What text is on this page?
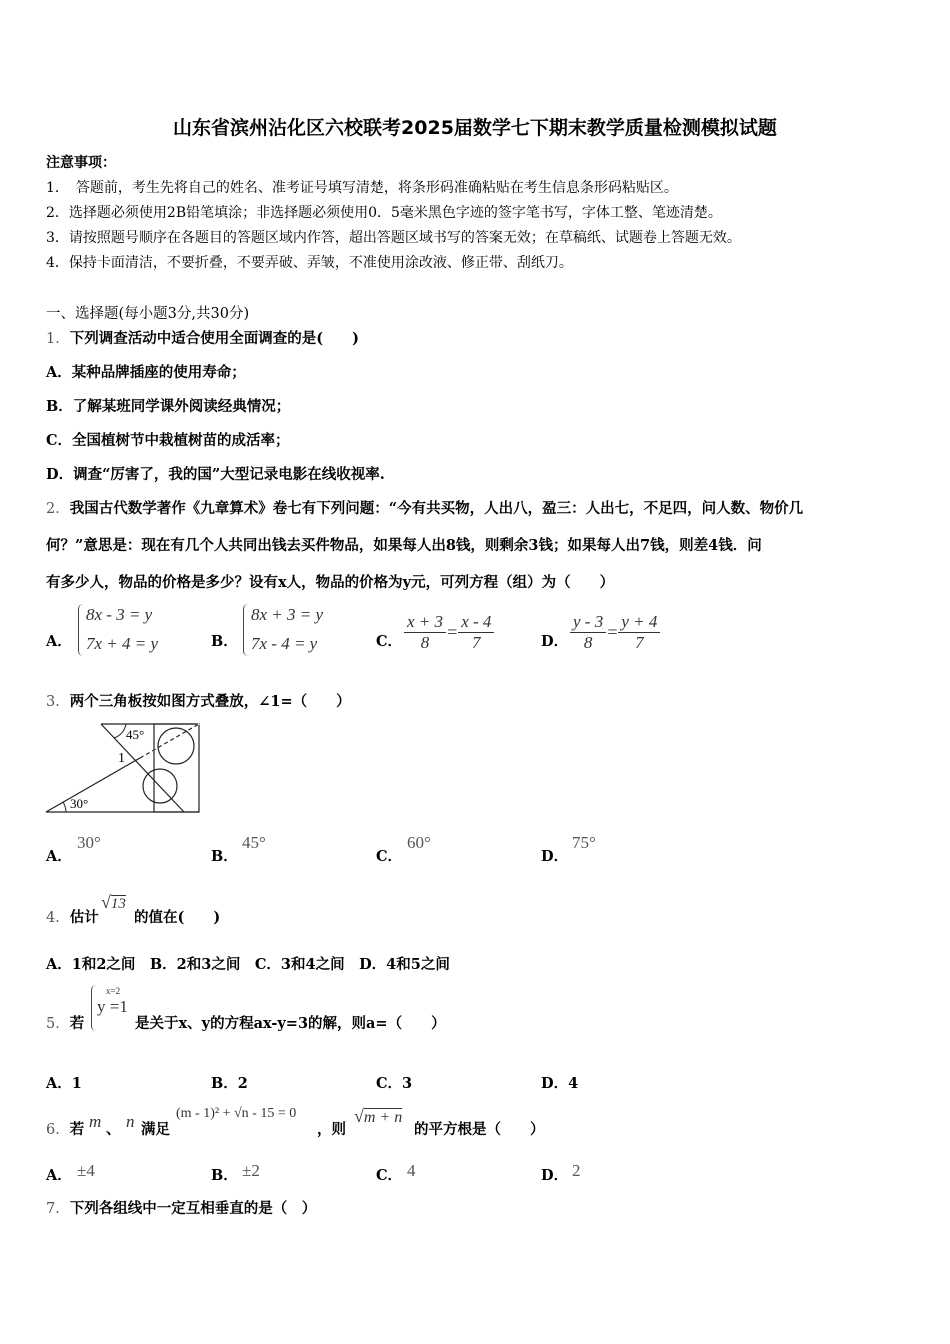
山东省滨州沾化区六校联考2025届数学七下期末教学质量检测模拟试题
注意事项：
1．　答题前，考生先将自己的姓名、准考证号填写清楚，将条形码准确粘贴在考生信息条形码粘贴区。
2．选择题必须使用2B铅笔填涂；非选择题必须使用0．5毫米黑色字迹的签字笔书写，字体工整、笔迹清楚。
3．请按照题号顺序在各题目的答题区域内作答，超出答题区域书写的答案无效；在草稿纸、试题卷上答题无效。
4．保持卡面清洁，不要折叠，不要弄破、弄皱，不准使用涂改液、修正带、刮纸刀。
一、选择题(每小题3分,共30分)
1．下列调查活动中适合使用全面调查的是(　　)
A．某种品牌插座的使用寿命；
B．了解某班同学课外阅读经典情况；
C．全国植树节中栽植树苗的成活率；
D．调查“厉害了，我的国”大型记录电影在线收视率.
2．我国古代数学著作《九章算术》卷七有下列问题：“今有共买物，人出八，盈三：人出七，不足四，问人数、物价几
何？”意思是：现在有几个人共同出钱去买件物品，如果每人出8钱，则剩余3钱；如果每人出7钱，则差4钱．问
有多少人，物品的价格是多少？设有x人，物品的价格为y元，可列方程（组）为（　　）
A．
8x - 3 = y
7x + 4 = y	B．
8x + 3 = y
7x - 4 = y	C． $\frac{x + 3}{8} = \frac{x - 4}{7}$	D． $\frac{y - 3}{8} = \frac{y + 4}{7}$
3．两个三角板按如图方式叠放，∠1=（　　）
45°
1
30°
A．
30°
B．
45°
C．
60°
D．
75°
4．估计
√13
的值在(　　)
A．1和2之间　B．2和3之间　C．3和4之间　D．4和5之间
5．若
x=2
y =1
是关于x、y的方程ax-y=3的解，则a=（　　）
A．1	B．2	C．3	D．4
6．若 m 、 n 满足
(m - 1)² + √n - 15 = 0
，则
√m + n
的平方根是（　　）
A． ±4	B． ±2	C． 4	D． 2
7．下列各组线中一定互相垂直的是（　）
